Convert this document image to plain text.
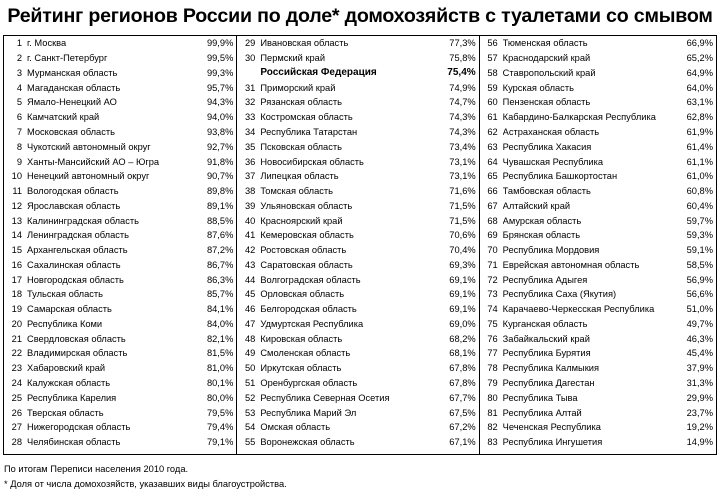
Рейтинг регионов России по доле* домохозяйств с туалетами со смывом
1 г. Москва	99,9%
2 г. Санкт-Петербург	99,5%
3 Мурманская область	99,3%
4 Магаданская область	95,7%
5 Ямало-Ненецкий АО	94,3%
6 Камчатский край	94,0%
7 Московская область	93,8%
8 Чукотский автономный округ	92,7%
9 Ханты-Мансийский АО – Югра	91,8%
10 Ненецкий автономный округ	90,7%
11 Вологодская область	89,8%
12 Ярославская область	89,1%
13 Калининградская область	88,5%
14 Ленинградская область	87,6%
15 Архангельская область	87,2%
16 Сахалинская область	86,7%
17 Новгородская область	86,3%
18 Тульская область	85,7%
19 Самарская область	84,1%
20 Республика Коми	84,0%
21 Свердловская область	82,1%
22 Владимирская область	81,5%
23 Хабаровский край	81,0%
24 Калужская область	80,1%
25 Республика Карелия	80,0%
26 Тверская область	79,5%
27 Нижегородская область	79,4%
28 Челябинская область	79,1%
29 Ивановская область	77,3%
30 Пермский край	75,8%
Российская Федерация	75,4%
31 Приморский край	74,9%
32 Рязанская область	74,7%
33 Костромская область	74,3%
34 Республика Татарстан	74,3%
35 Псковская область	73,4%
36 Новосибирская область	73,1%
37 Липецкая область	73,1%
38 Томская область	71,6%
39 Ульяновская область	71,5%
40 Красноярский край	71,5%
41 Кемеровская область	70,6%
42 Ростовская область	70,4%
43 Саратовская область	69,3%
44 Волгоградская область	69,1%
45 Орловская область	69,1%
46 Белгородская область	69,1%
47 Удмуртская Республика	69,0%
48 Кировская область	68,2%
49 Смоленская область	68,1%
50 Иркутская область	67,8%
51 Оренбургская область	67,8%
52 Республика Северная Осетия	67,7%
53 Республика Марий Эл	67,5%
54 Омская область	67,2%
55 Воронежская область	67,1%
56 Тюменская область	66,9%
57 Краснодарский край	65,2%
58 Ставропольский край	64,9%
59 Курская область	64,0%
60 Пензенская область	63,1%
61 Кабардино-Балкарская Республика	62,8%
62 Астраханская область	61,9%
63 Республика Хакасия	61,4%
64 Чувашская Республика	61,1%
65 Республика Башкортостан	61,0%
66 Тамбовская область	60,8%
67 Алтайский край	60,4%
68 Амурская область	59,7%
69 Брянская область	59,3%
70 Республика Мордовия	59,1%
71 Еврейская автономная область	58,5%
72 Республика Адыгея	56,9%
73 Республика Саха (Якутия)	56,6%
74 Карачаево-Черкесская Республика	51,0%
75 Курганская область	49,7%
76 Забайкальский край	46,3%
77 Республика Бурятия	45,4%
78 Республика Калмыкия	37,9%
79 Республика Дагестан	31,3%
80 Республика Тыва	29,9%
81 Республика Алтай	23,7%
82 Чеченская Республика	19,2%
83 Республика Ингушетия	14,9%
По итогам Переписи населения 2010 года.
* Доля от числа домохозяйств, указавших виды благоустройства.
